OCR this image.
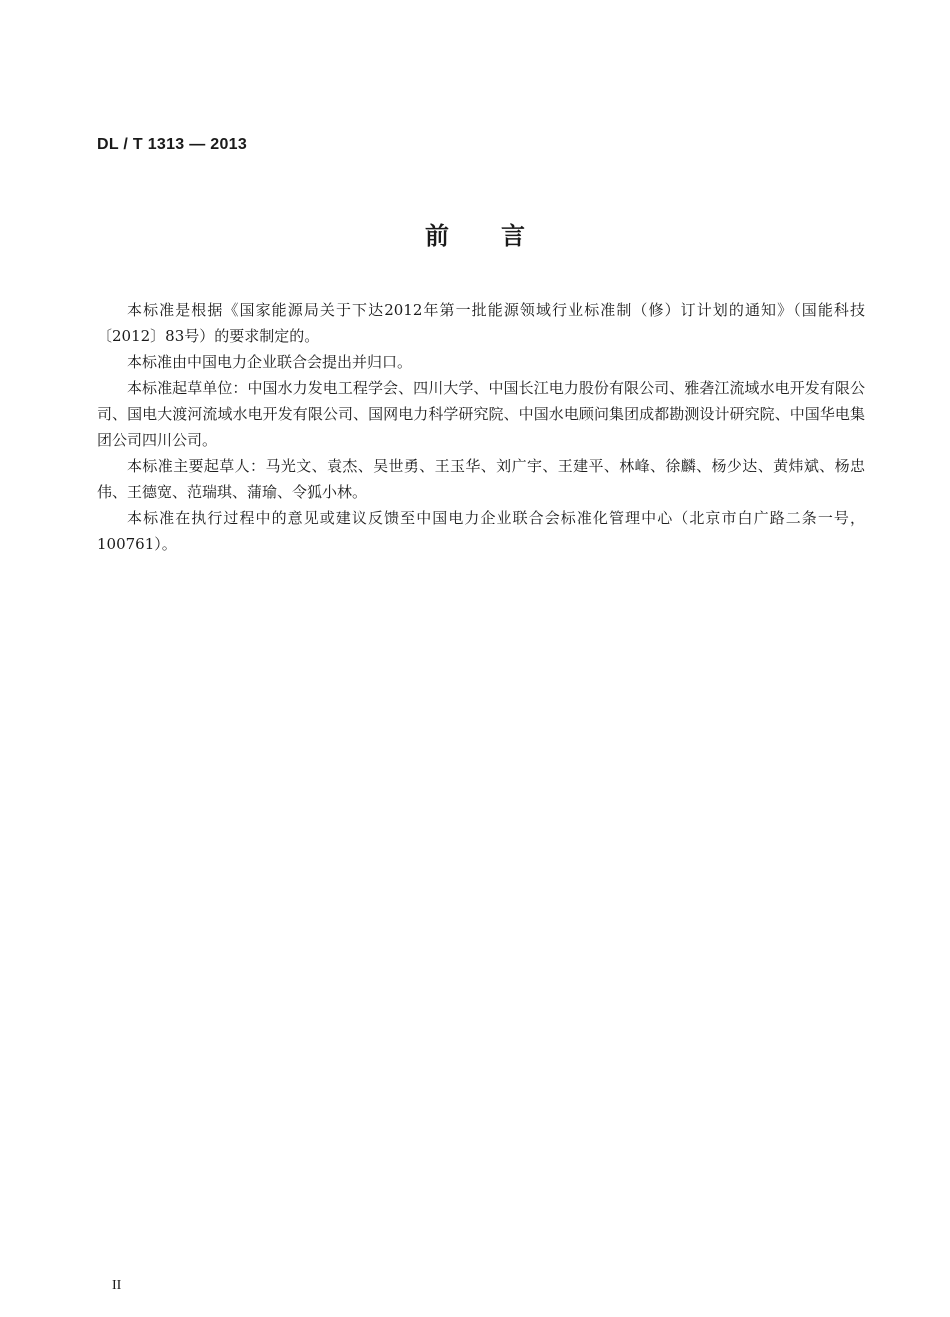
DL / T 1313 — 2013
前言

本标准是根据《国家能源局关于下达2012年第一批能源领域行业标准制（修）订计划的通知》（国能科技〔2012〕83号）的要求制定的。

本标准由中国电力企业联合会提出并归口。

本标准起草单位：中国水力发电工程学会、四川大学、中国长江电力股份有限公司、雅砻江流域水电开发有限公司、国电大渡河流域水电开发有限公司、国网电力科学研究院、中国水电顾问集团成都勘测设计研究院、中国华电集团公司四川公司。

本标准主要起草人：马光文、袁杰、吴世勇、王玉华、刘广宇、王建平、林峰、徐麟、杨少达、黄炜斌、杨忠伟、王德宽、范瑞琪、蒲瑜、令狐小林。

本标准在执行过程中的意见或建议反馈至中国电力企业联合会标准化管理中心（北京市白广路二条一号，100761）。

II
